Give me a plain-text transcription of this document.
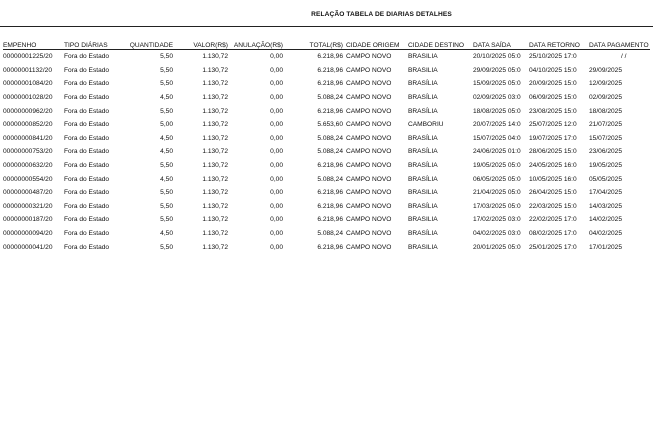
RELAÇÃO TABELA DE DIARIAS DETALHES
EMPENHO	TIPO DIÁRIAS	QUANTIDADE	VALOR(R$)	ANULAÇÃO(R$)	TOTAL(R$)	CIDADE ORIGEM	CIDADE DESTINO	DATA SAÍDA	DATA RETORNO	DATA PAGAMENTO
00000001225/20	Fora do Estado	5,50	1.130,72	0,00	6.218,96	CAMPO NOVO	BRASILIA	20/10/2025 05:0	25/10/2025 17:0	/ /
00000001132/20	Fora do Estado	5,50	1.130,72	0,00	6.218,96	CAMPO NOVO	BRASILIA	29/09/2025 05:0	04/10/2025 15:0	29/09/2025
00000001084/20	Fora do Estado	5,50	1.130,72	0,00	6.218,96	CAMPO NOVO	BRASÍLIA	15/09/2025 05:0	20/09/2025 15:0	12/09/2025
00000001028/20	Fora do Estado	4,50	1.130,72	0,00	5.088,24	CAMPO NOVO	BRASÍLIA	02/09/2025 03:0	06/09/2025 15:0	02/09/2025
00000000962/20	Fora do Estado	5,50	1.130,72	0,00	6.218,96	CAMPO NOVO	BRASÍLIA	18/08/2025 05:0	23/08/2025 15:0	18/08/2025
00000000852/20	Fora do Estado	5,00	1.130,72	0,00	5.653,60	CAMPO NOVO	CAMBORIU	20/07/2025 14:0	25/07/2025 12:0	21/07/2025
00000000841/20	Fora do Estado	4,50	1.130,72	0,00	5.088,24	CAMPO NOVO	BRASÍLIA	15/07/2025 04:0	19/07/2025 17:0	15/07/2025
00000000753/20	Fora do Estado	4,50	1.130,72	0,00	5.088,24	CAMPO NOVO	BRASÍLIA	24/06/2025 01:0	28/06/2025 15:0	23/06/2025
00000000632/20	Fora do Estado	5,50	1.130,72	0,00	6.218,96	CAMPO NOVO	BRASÍLIA	19/05/2025 05:0	24/05/2025 16:0	19/05/2025
00000000554/20	Fora do Estado	4,50	1.130,72	0,00	5.088,24	CAMPO NOVO	BRASÍLIA	06/05/2025 05:0	10/05/2025 16:0	05/05/2025
00000000487/20	Fora do Estado	5,50	1.130,72	0,00	6.218,96	CAMPO NOVO	BRASILIA	21/04/2025 05:0	26/04/2025 15:0	17/04/2025
00000000321/20	Fora do Estado	5,50	1.130,72	0,00	6.218,96	CAMPO NOVO	BRASÍLIA	17/03/2025 05:0	22/03/2025 15:0	14/03/2025
00000000187/20	Fora do Estado	5,50	1.130,72	0,00	6.218,96	CAMPO NOVO	BRASILIA	17/02/2025 03:0	22/02/2025 17:0	14/02/2025
00000000094/20	Fora do Estado	4,50	1.130,72	0,00	5.088,24	CAMPO NOVO	BRASÍLIA	04/02/2025 03:0	08/02/2025 17:0	04/02/2025
00000000041/20	Fora do Estado	5,50	1.130,72	0,00	6.218,96	CAMPO NOVO	BRASILIA	20/01/2025 05:0	25/01/2025 17:0	17/01/2025
